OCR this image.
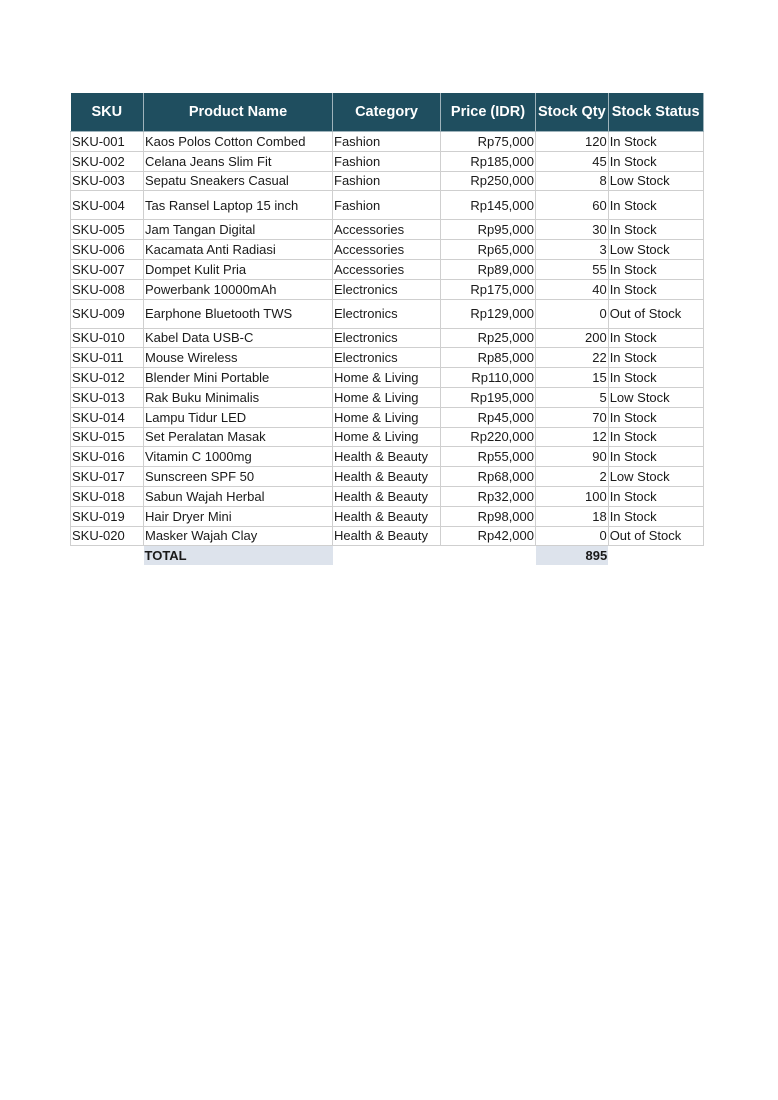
SKU	Product Name	Category	Price (IDR)	Stock Qty	Stock Status
SKU-001	Kaos Polos Cotton Combed	Fashion	Rp75,000	120	In Stock
SKU-002	Celana Jeans Slim Fit	Fashion	Rp185,000	45	In Stock
SKU-003	Sepatu Sneakers Casual	Fashion	Rp250,000	8	Low Stock
SKU-004	Tas Ransel Laptop 15 inch	Fashion	Rp145,000	60	In Stock
SKU-005	Jam Tangan Digital	Accessories	Rp95,000	30	In Stock
SKU-006	Kacamata Anti Radiasi	Accessories	Rp65,000	3	Low Stock
SKU-007	Dompet Kulit Pria	Accessories	Rp89,000	55	In Stock
SKU-008	Powerbank 10000mAh	Electronics	Rp175,000	40	In Stock
SKU-009	Earphone Bluetooth TWS	Electronics	Rp129,000	0	Out of Stock
SKU-010	Kabel Data USB-C	Electronics	Rp25,000	200	In Stock
SKU-011	Mouse Wireless	Electronics	Rp85,000	22	In Stock
SKU-012	Blender Mini Portable	Home & Living	Rp110,000	15	In Stock
SKU-013	Rak Buku Minimalis	Home & Living	Rp195,000	5	Low Stock
SKU-014	Lampu Tidur LED	Home & Living	Rp45,000	70	In Stock
SKU-015	Set Peralatan Masak	Home & Living	Rp220,000	12	In Stock
SKU-016	Vitamin C 1000mg	Health & Beauty	Rp55,000	90	In Stock
SKU-017	Sunscreen SPF 50	Health & Beauty	Rp68,000	2	Low Stock
SKU-018	Sabun Wajah Herbal	Health & Beauty	Rp32,000	100	In Stock
SKU-019	Hair Dryer Mini	Health & Beauty	Rp98,000	18	In Stock
SKU-020	Masker Wajah Clay	Health & Beauty	Rp42,000	0	Out of Stock
	TOTAL			895	
